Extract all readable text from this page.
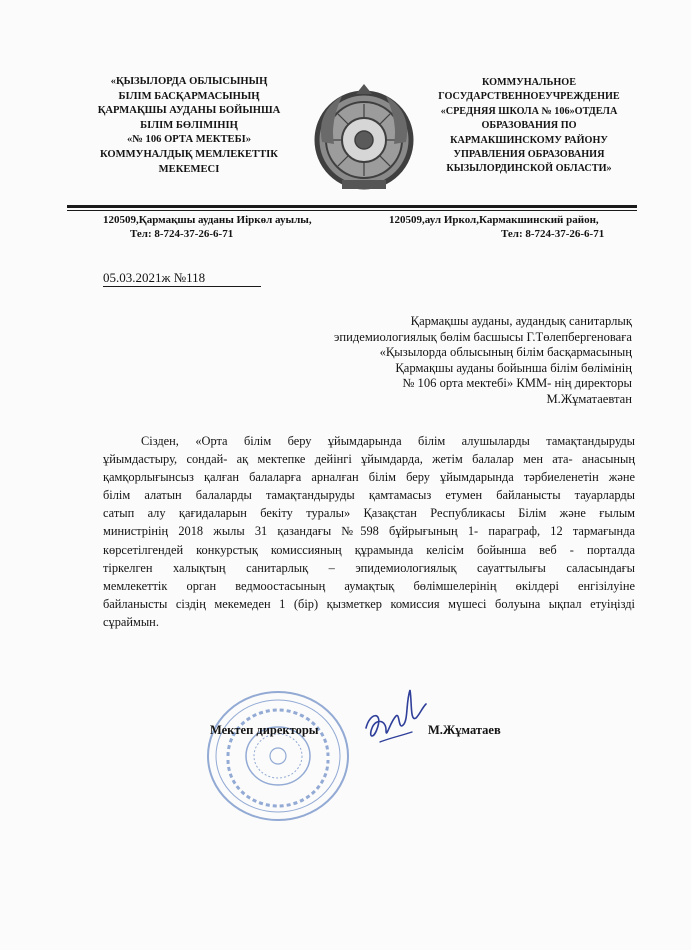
«ҚЫЗЫЛОРДА ОБЛЫСЫНЫҢ
БІЛІМ БАСҚАРМАСЫНЫҢ
ҚАРМАҚШЫ АУДАНЫ БОЙЫНША
БІЛІМ БӨЛІМІНІҢ
«№ 106 ОРТА МЕКТЕБІ»
КОММУНАЛДЫҚ МЕМЛЕКЕТТІК
МЕКЕМЕСІ
КОММУНАЛЬНОЕ
ГОСУДАРСТВЕННОЕУЧРЕЖДЕНИЕ
«СРЕДНЯЯ ШКОЛА № 106»ОТДЕЛА
ОБРАЗОВАНИЯ ПО
КАРМАКШИНСКОМУ РАЙОНУ
УПРАВЛЕНИЯ ОБРАЗОВАНИЯ
КЫЗЫЛОРДИНСКОЙ ОБЛАСТИ»
120509,Қармақшы ауданы Иіркөл ауылы,
Тел: 8-724-37-26-6-71
120509,аул Иркол,Кармакшинский район,
Тел: 8-724-37-26-6-71
05.03.2021ж №118
Қармақшы ауданы, аудандық санитарлық
эпидемиологиялық бөлім басшысы Г.Төлепбергеноваға
«Қызылорда облысының білім басқармасының
Қармақшы ауданы бойынша білім бөлімінің
№ 106 орта мектебі» КММ- нің директоры
М.Жұматаевтан
Сізден, «Орта білім беру ұйымдарында білім алушыларды тамақтандыруды
ұйымдастыру, сондай- ақ мектепке дейінгі ұйымдарда, жетім балалар мен ата- анасының
қамқорлығынсыз қалған балаларға арналған білім беру ұйымдарында тәрбиеленетін және
білім алатын балаларды тамақтандыруды қамтамасыз етумен байланысты тауарларды
сатып алу қағидаларын бекіту туралы» Қазақстан Республикасы Білім және ғылым
министрінің 2018 жылы 31 қазандағы №598 бұйрығының 1- параграф, 12 тармағында
көрсетілгендей конкурстық комиссияның құрамында келісім бойынша веб - порталда
тіркелген халықтың санитарлық – эпидемиологиялық сауаттылығы саласындағы
мемлекеттік орган ведмоостасының аумақтық бөлімшелерінің өкілдері енгізілуіне
байланысты сіздің мекемеден 1 (бір) қызметкер комиссия мүшесі болуына ықпал етуіңізді
сұраймын.
Мектеп директоры	М.Жұматаев
